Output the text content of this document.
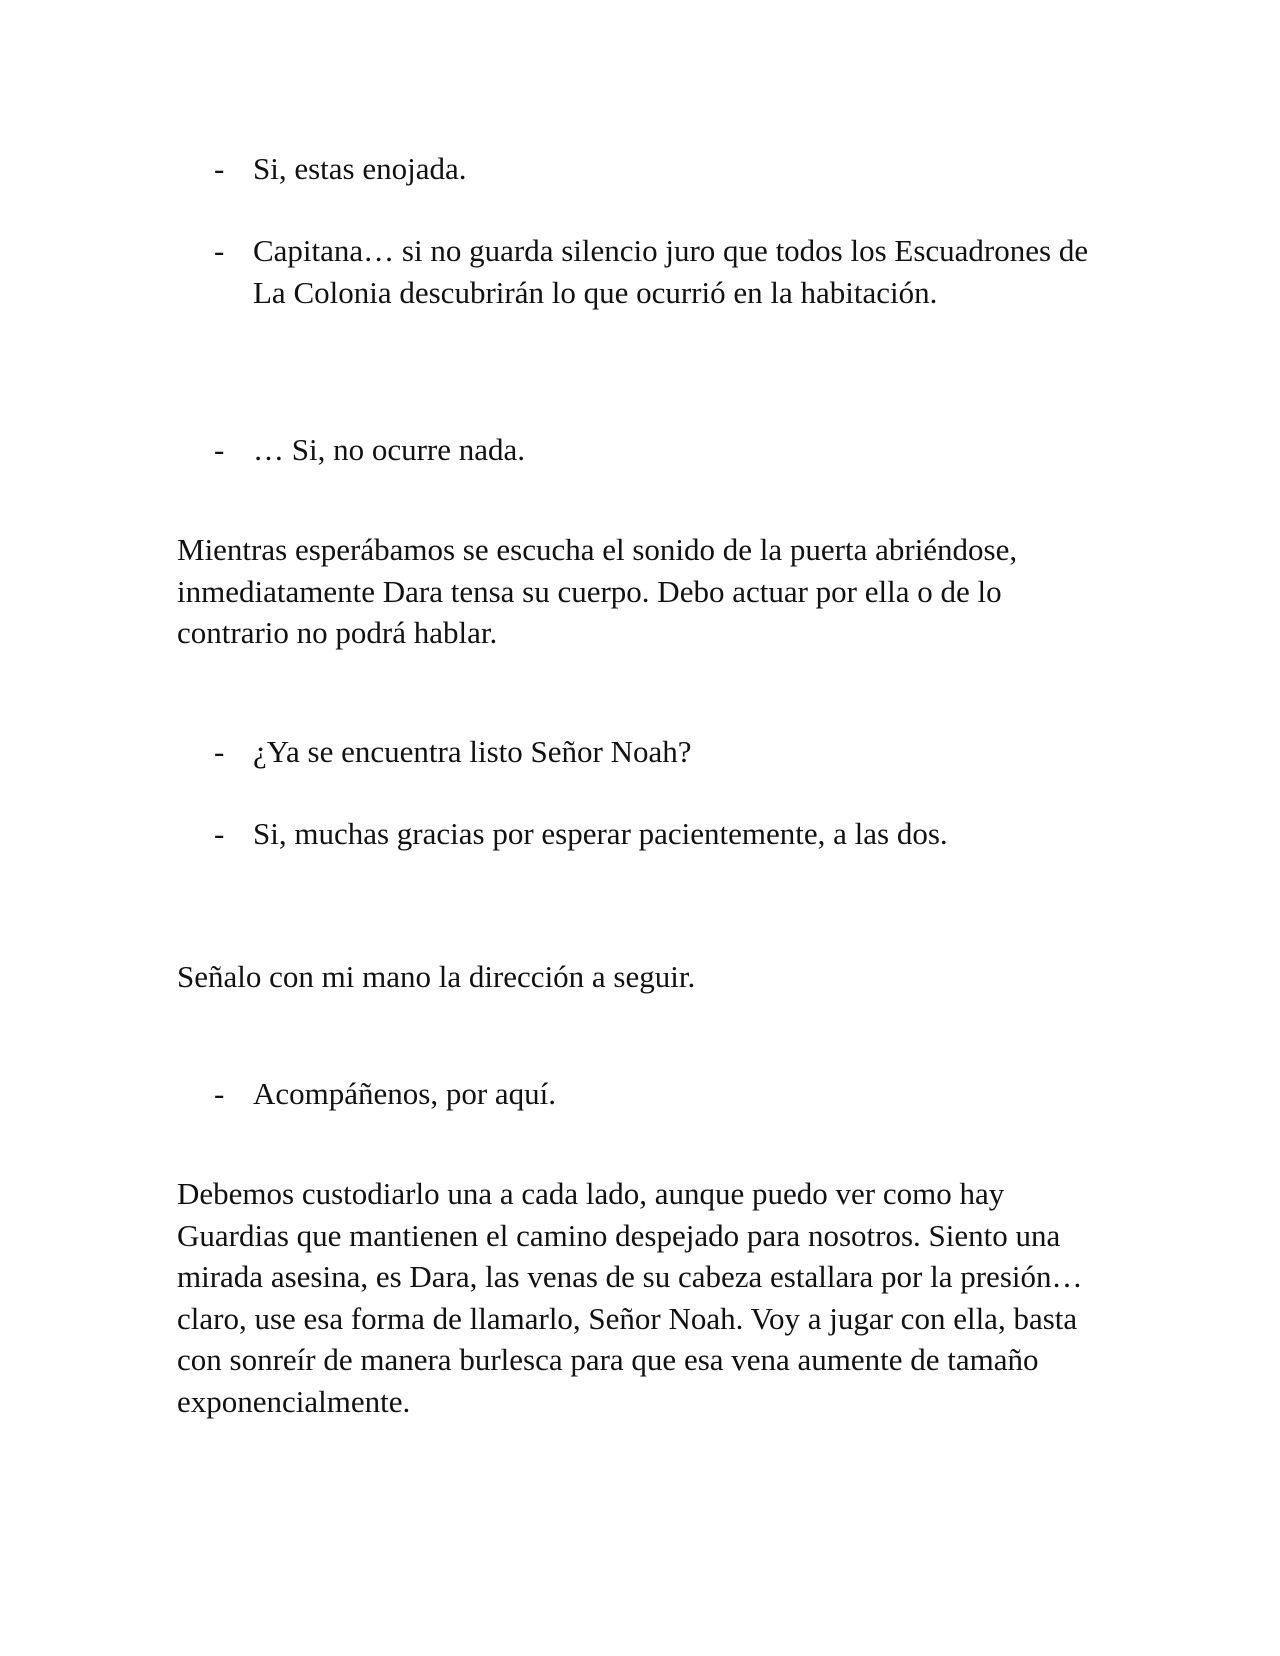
- Si, estas enojada.
- Capitana… si no guarda silencio juro que todos los Escuadrones de La Colonia descubrirán lo que ocurrió en la habitación.
- … Si, no ocurre nada.
Mientras esperábamos se escucha el sonido de la puerta abriéndose, inmediatamente Dara tensa su cuerpo. Debo actuar por ella o de lo contrario no podrá hablar.
- ¿Ya se encuentra listo Señor Noah?
- Si, muchas gracias por esperar pacientemente, a las dos.
Señalo con mi mano la dirección a seguir.
- Acompáñenos, por aquí.
Debemos custodiarlo una a cada lado, aunque puedo ver como hay Guardias que mantienen el camino despejado para nosotros. Siento una mirada asesina, es Dara, las venas de su cabeza estallara por la presión… claro, use esa forma de llamarlo, Señor Noah. Voy a jugar con ella, basta con sonreír de manera burlesca para que esa vena aumente de tamaño exponencialmente.
